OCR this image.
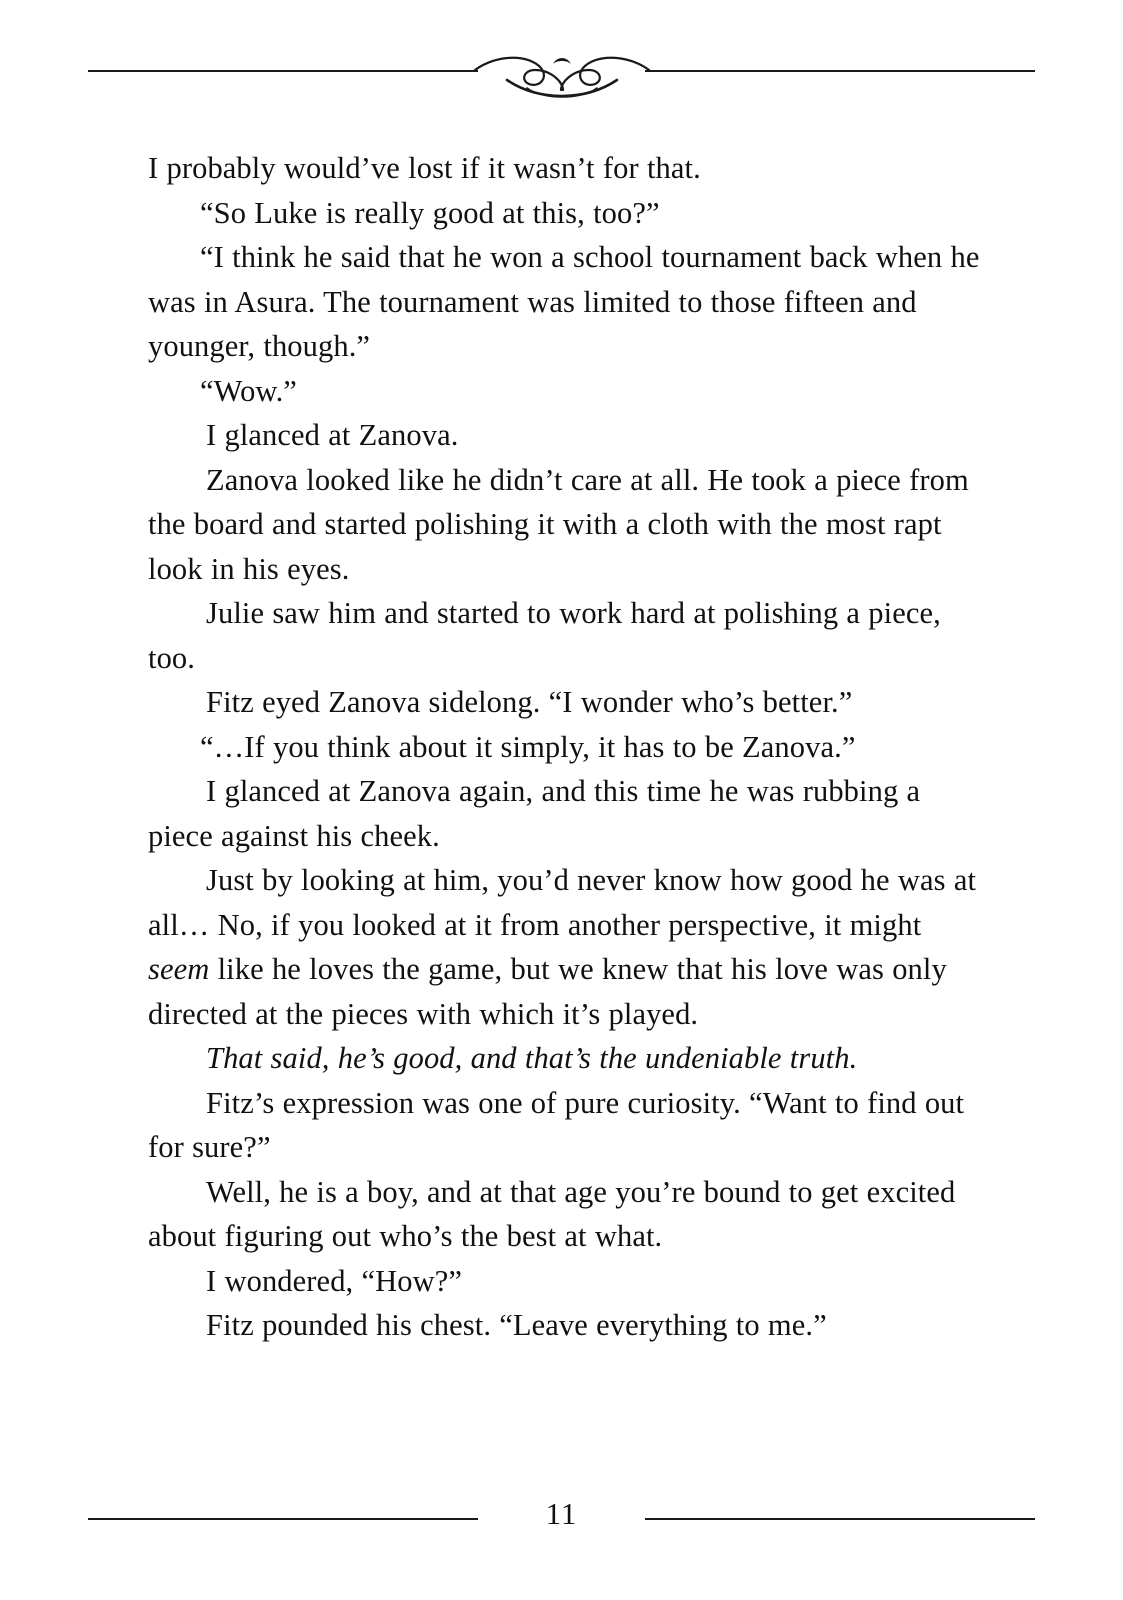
I probably would’ve lost if it wasn’t for that.

“So Luke is really good at this, too?”

“I think he said that he won a school tournament back when he was in Asura. The tournament was limited to those fifteen and younger, though.”

“Wow.”

I glanced at Zanova.

Zanova looked like he didn’t care at all. He took a piece from the board and started polishing it with a cloth with the most rapt look in his eyes.

Julie saw him and started to work hard at polishing a piece, too.

Fitz eyed Zanova sidelong. “I wonder who’s better.”

“…If you think about it simply, it has to be Zanova.”

I glanced at Zanova again, and this time he was rubbing a piece against his cheek.

Just by looking at him, you’d never know how good he was at all… No, if you looked at it from another perspective, it might seem like he loves the game, but we knew that his love was only directed at the pieces with which it’s played.

That said, he’s good, and that’s the undeniable truth.

Fitz’s expression was one of pure curiosity. “Want to find out for sure?”

Well, he is a boy, and at that age you’re bound to get excited about figuring out who’s the best at what.

I wondered, “How?”

Fitz pounded his chest. “Leave everything to me.”

11
